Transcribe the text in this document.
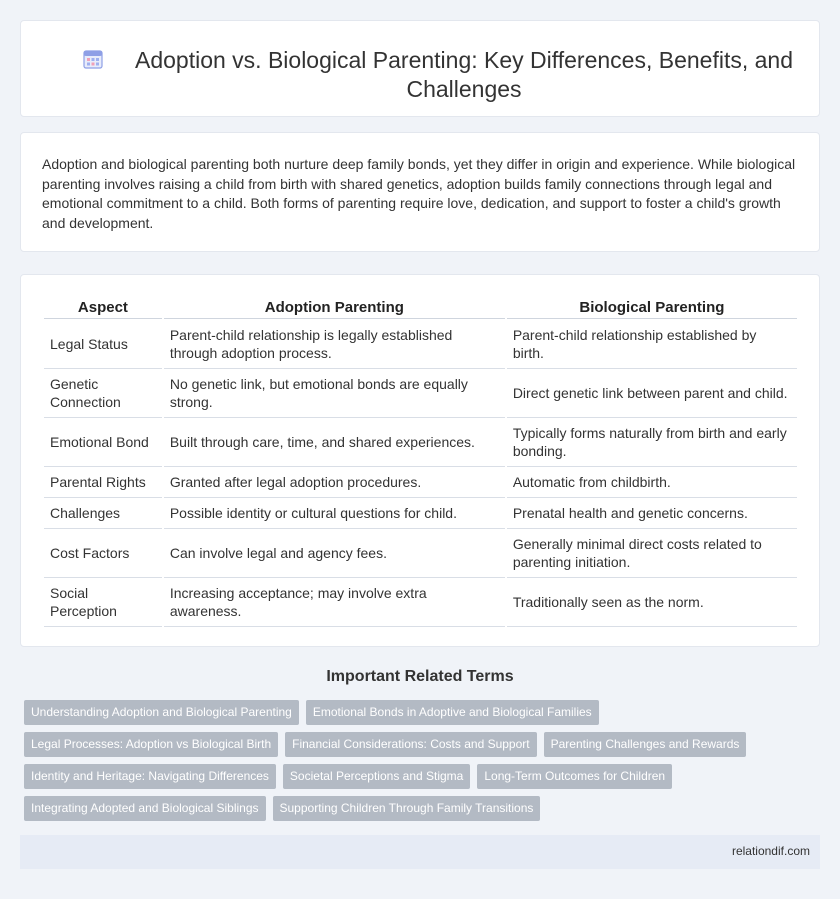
Adoption vs. Biological Parenting: Key Differences, Benefits, and Challenges

Adoption and biological parenting both nurture deep family bonds, yet they differ in origin and experience. While biological parenting involves raising a child from birth with shared genetics, adoption builds family connections through legal and emotional commitment to a child. Both forms of parenting require love, dedication, and support to foster a child's growth and development.

Aspect	Adoption Parenting	Biological Parenting
Legal Status	Parent-child relationship is legally established through adoption process.	Parent-child relationship established by birth.
Genetic Connection	No genetic link, but emotional bonds are equally strong.	Direct genetic link between parent and child.
Emotional Bond	Built through care, time, and shared experiences.	Typically forms naturally from birth and early bonding.
Parental Rights	Granted after legal adoption procedures.	Automatic from childbirth.
Challenges	Possible identity or cultural questions for child.	Prenatal health and genetic concerns.
Cost Factors	Can involve legal and agency fees.	Generally minimal direct costs related to parenting initiation.
Social Perception	Increasing acceptance; may involve extra awareness.	Traditionally seen as the norm.
Important Related Terms
Understanding Adoption and Biological Parenting	Emotional Bonds in Adoptive and Biological Families
Legal Processes: Adoption vs Biological Birth	Financial Considerations: Costs and Support	Parenting Challenges and Rewards
Identity and Heritage: Navigating Differences	Societal Perceptions and Stigma	Long-Term Outcomes for Children
Integrating Adopted and Biological Siblings	Supporting Children Through Family Transitions
relationdif.com
